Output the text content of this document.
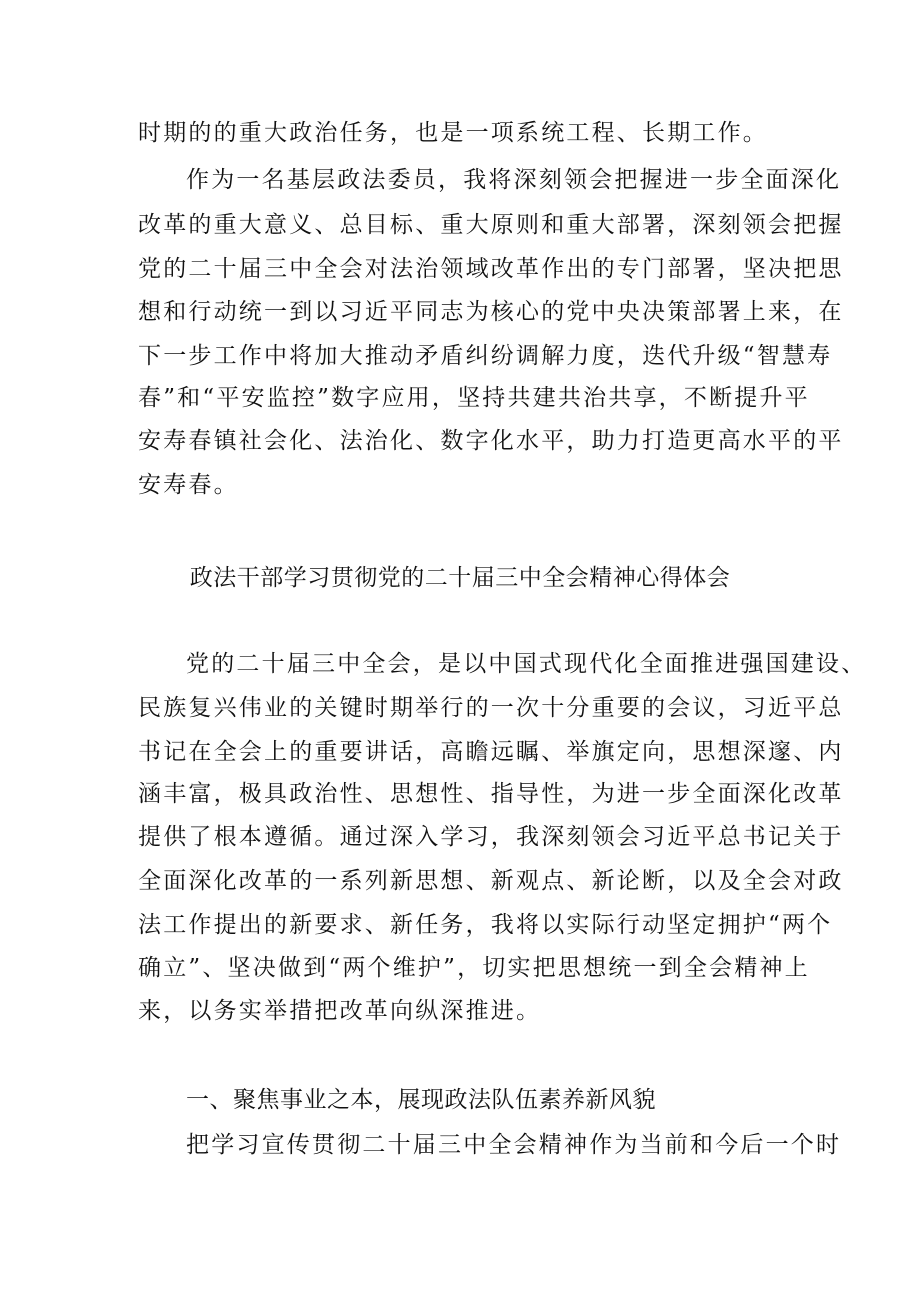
时期的的重大政治任务，也是一项系统工程、长期工作。
作为一名基层政法委员，我将深刻领会把握进一步全面深化
改革的重大意义、总目标、重大原则和重大部署，深刻领会把握
党的二十届三中全会对法治领域改革作出的专门部署，坚决把思
想和行动统一到以习近平同志为核心的党中央决策部署上来，在
下一步工作中将加大推动矛盾纠纷调解力度，迭代升级“智慧寿
春”和“平安监控”数字应用，坚持共建共治共享，不断提升平
安寿春镇社会化、法治化、数字化水平，助力打造更高水平的平
安寿春。
政法干部学习贯彻党的二十届三中全会精神心得体会
党的二十届三中全会，是以中国式现代化全面推进强国建设、
民族复兴伟业的关键时期举行的一次十分重要的会议，习近平总
书记在全会上的重要讲话，高瞻远瞩、举旗定向，思想深邃、内
涵丰富，极具政治性、思想性、指导性，为进一步全面深化改革
提供了根本遵循。通过深入学习，我深刻领会习近平总书记关于
全面深化改革的一系列新思想、新观点、新论断，以及全会对政
法工作提出的新要求、新任务，我将以实际行动坚定拥护“两个
确立”、坚决做到“两个维护”，切实把思想统一到全会精神上
来，以务实举措把改革向纵深推进。
一、聚焦事业之本，展现政法队伍素养新风貌
把学习宣传贯彻二十届三中全会精神作为当前和今后一个时
